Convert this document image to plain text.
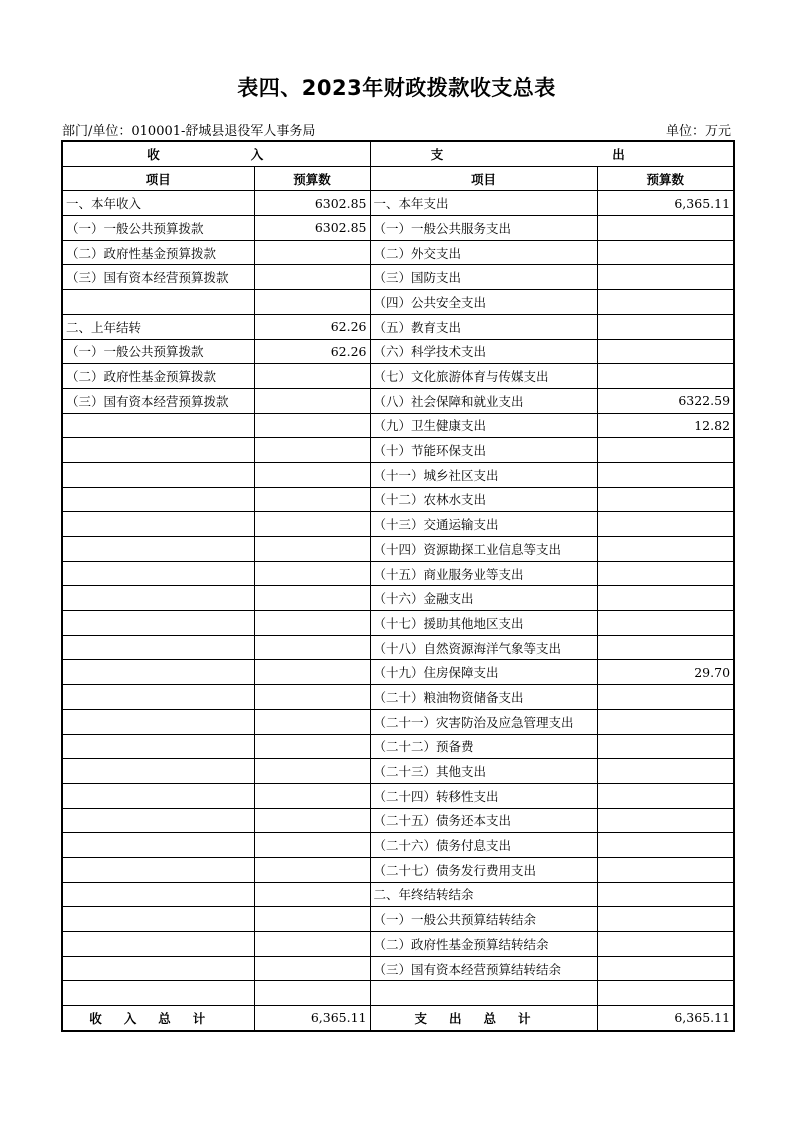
表四、2023年财政拨款收支总表
部门/单位：010001-舒城县退役军人事务局	单位：万元
收　　入		支　　出	
项目	预算数	项目	预算数
一、本年收入	6302.85	一、本年支出	6,365.11
（一）一般公共预算拨款	6302.85	（一）一般公共服务支出	
（二）政府性基金预算拨款		（二）外交支出	
（三）国有资本经营预算拨款		（三）国防支出	
		（四）公共安全支出	
二、上年结转	62.26	（五）教育支出	
（一）一般公共预算拨款	62.26	（六）科学技术支出	
（二）政府性基金预算拨款		（七）文化旅游体育与传媒支出	
（三）国有资本经营预算拨款		（八）社会保障和就业支出	6322.59
		（九）卫生健康支出	12.82
		（十）节能环保支出	
		（十一）城乡社区支出	
		（十二）农林水支出	
		（十三）交通运输支出	
		（十四）资源勘探工业信息等支出	
		（十五）商业服务业等支出	
		（十六）金融支出	
		（十七）援助其他地区支出	
		（十八）自然资源海洋气象等支出	
		（十九）住房保障支出	29.70
		（二十）粮油物资储备支出	
		（二十一）灾害防治及应急管理支出	
		（二十二）预备费	
		（二十三）其他支出	
		（二十四）转移性支出	
		（二十五）债务还本支出	
		（二十六）债务付息支出	
		（二十七）债务发行费用支出	
		二、年终结转结余	
		（一）一般公共预算结转结余	
		（二）政府性基金预算结转结余	
		（三）国有资本经营预算结转结余	

收入总计	6,365.11	支出总计	6,365.11
